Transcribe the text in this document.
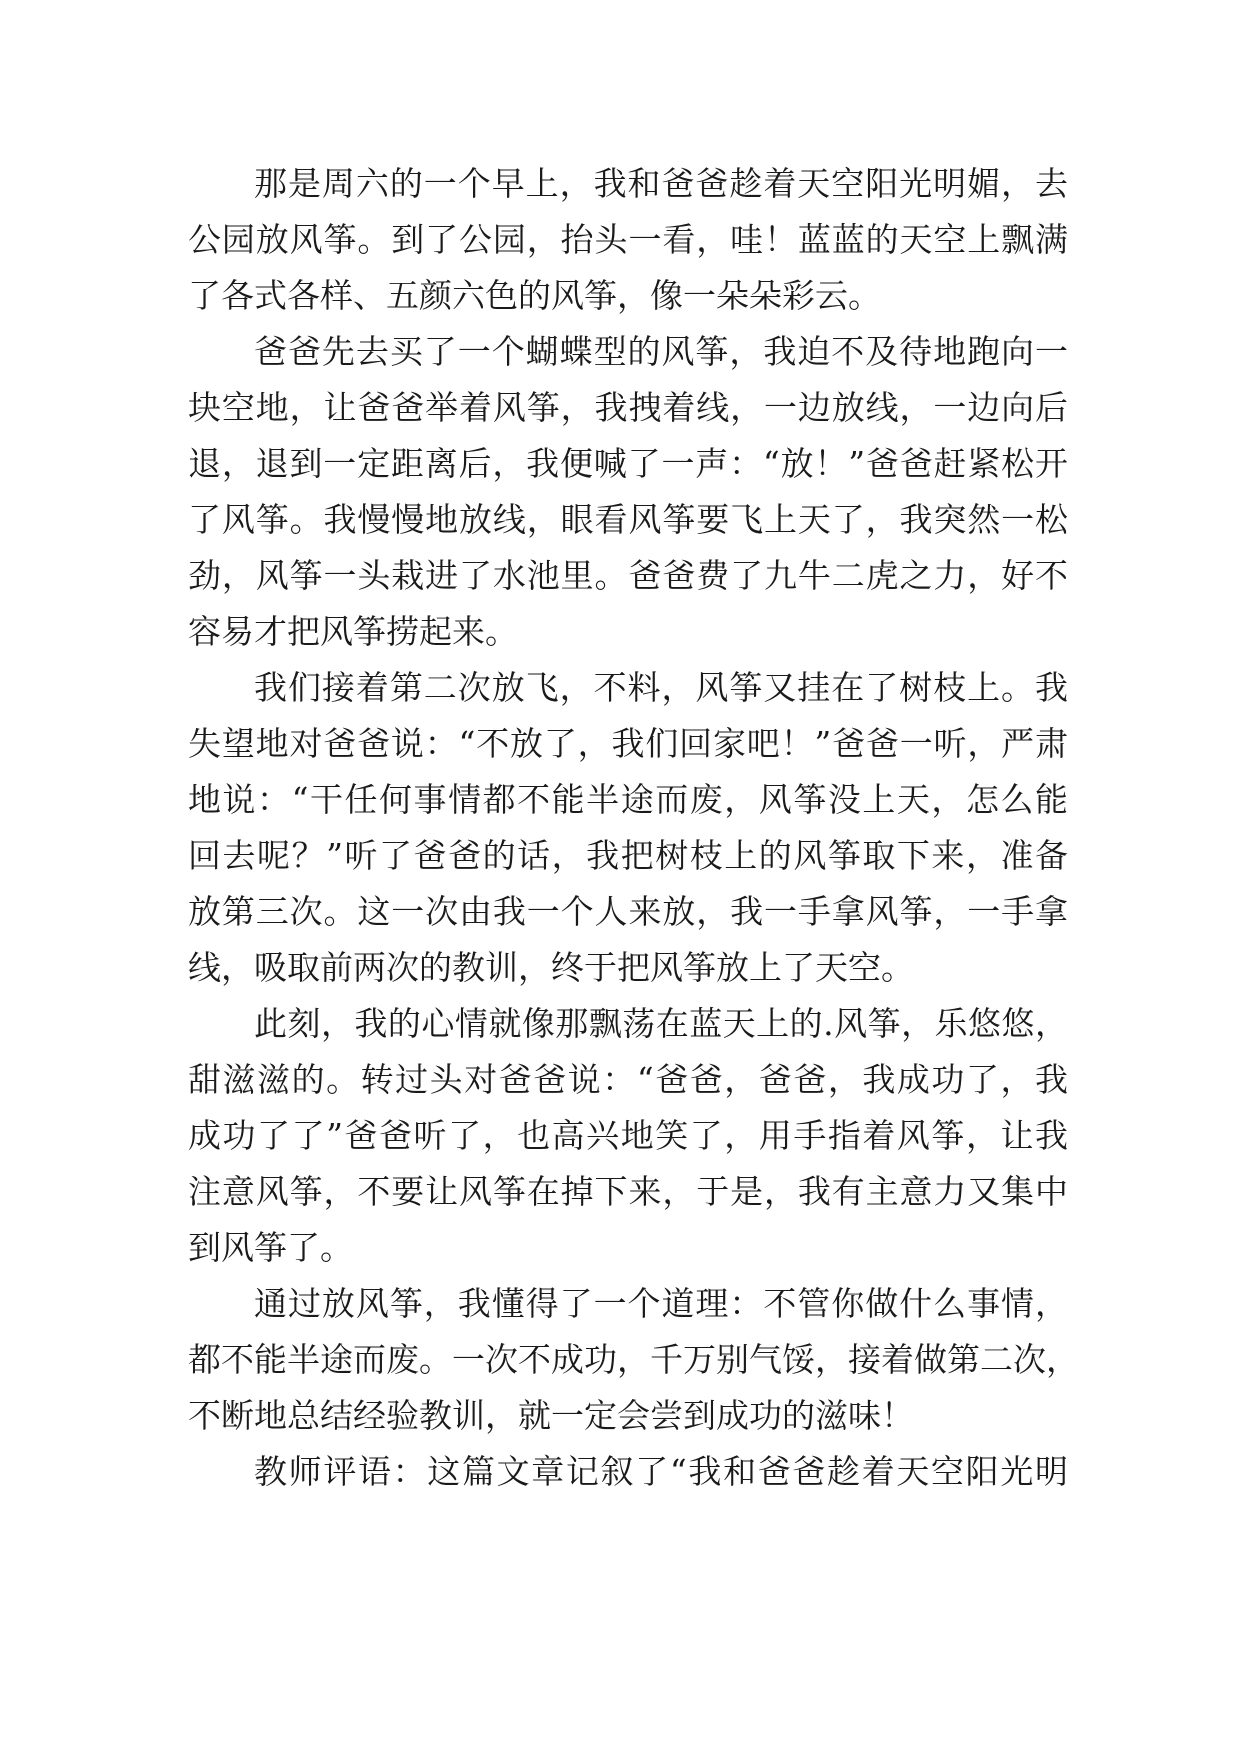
那是周六的一个早上，我和爸爸趁着天空阳光明媚，去
公园放风筝。到了公园，抬头一看，哇！蓝蓝的天空上飘满
了各式各样、五颜六色的风筝，像一朵朵彩云。
爸爸先去买了一个蝴蝶型的风筝，我迫不及待地跑向一
块空地，让爸爸举着风筝，我拽着线，一边放线，一边向后
退，退到一定距离后，我便喊了一声：“放！”爸爸赶紧松开
了风筝。我慢慢地放线，眼看风筝要飞上天了，我突然一松
劲，风筝一头栽进了水池里。爸爸费了九牛二虎之力，好不
容易才把风筝捞起来。
我们接着第二次放飞，不料，风筝又挂在了树枝上。我
失望地对爸爸说：“不放了，我们回家吧！”爸爸一听，严肃
地说：“干任何事情都不能半途而废，风筝没上天，怎么能
回去呢？”听了爸爸的话，我把树枝上的风筝取下来，准备
放第三次。这一次由我一个人来放，我一手拿风筝，一手拿
线，吸取前两次的教训，终于把风筝放上了天空。
此刻，我的心情就像那飘荡在蓝天上的.风筝，乐悠悠，
甜滋滋的。转过头对爸爸说：“爸爸，爸爸，我成功了，我
成功了了”爸爸听了，也高兴地笑了，用手指着风筝，让我
注意风筝，不要让风筝在掉下来，于是，我有主意力又集中
到风筝了。
通过放风筝，我懂得了一个道理：不管你做什么事情，
都不能半途而废。一次不成功，千万别气馁，接着做第二次，
不断地总结经验教训，就一定会尝到成功的滋味！
教师评语：这篇文章记叙了“我和爸爸趁着天空阳光明
